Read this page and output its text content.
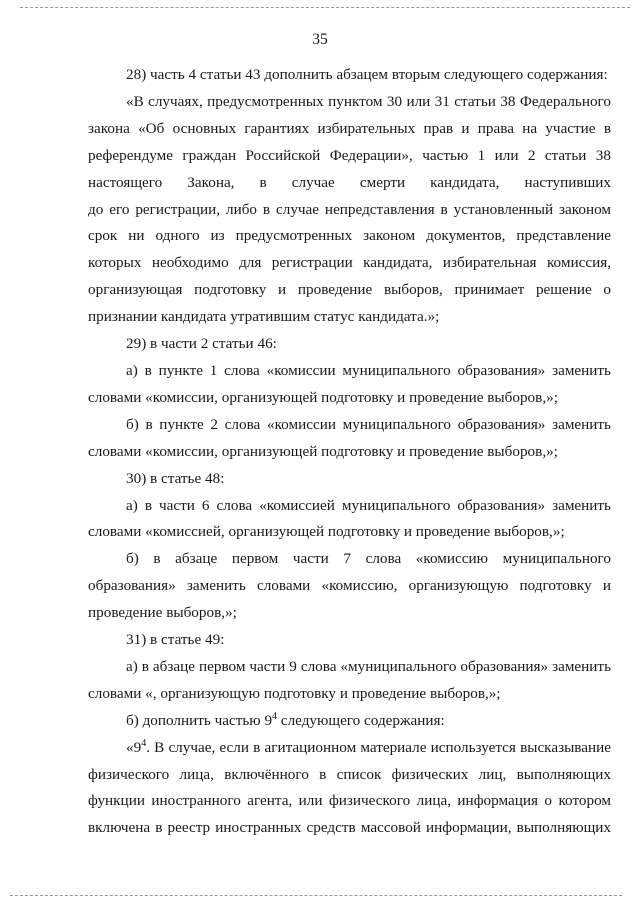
35

28) часть 4 статьи 43 дополнить абзацем вторым следующего содержания:

«В случаях, предусмотренных пунктом 30 или 31 статьи 38 Федерального закона «Об основных гарантиях избирательных прав и права на участие в референдуме граждан Российской Федерации», частью 1 или 2 статьи 38 настоящего Закона, в случае смерти кандидата, наступивших

до его регистрации, либо в случае непредставления в установленный законом срок ни одного из предусмотренных законом документов, представление которых необходимо для регистрации кандидата, избирательная комиссия, организующая подготовку и проведение выборов, принимает решение о признании кандидата утратившим статус кандидата.»;

29) в части 2 статьи 46:

а) в пункте 1 слова «комиссии муниципального образования» заменить словами «комиссии, организующей подготовку и проведение выборов,»;

б) в пункте 2 слова «комиссии муниципального образования» заменить словами «комиссии, организующей подготовку и проведение выборов,»;

30) в статье 48:

а) в части 6 слова «комиссией муниципального образования» заменить словами «комиссией, организующей подготовку и проведение выборов,»;

б) в абзаце первом части 7 слова «комиссию муниципального образования» заменить словами «комиссию, организующую подготовку и проведение выборов,»;

31) в статье 49:

а) в абзаце первом части 9 слова «муниципального образования» заменить словами «, организующую подготовку и проведение выборов,»;

б) дополнить частью $9^4$ следующего содержания:

«$9^4$. В случае, если в агитационном материале используется высказывание физического лица, включённого в список физических лиц, выполняющих функции иностранного агента, или физического лица, информация о котором включена в реестр иностранных средств массовой информации, выполняющих
